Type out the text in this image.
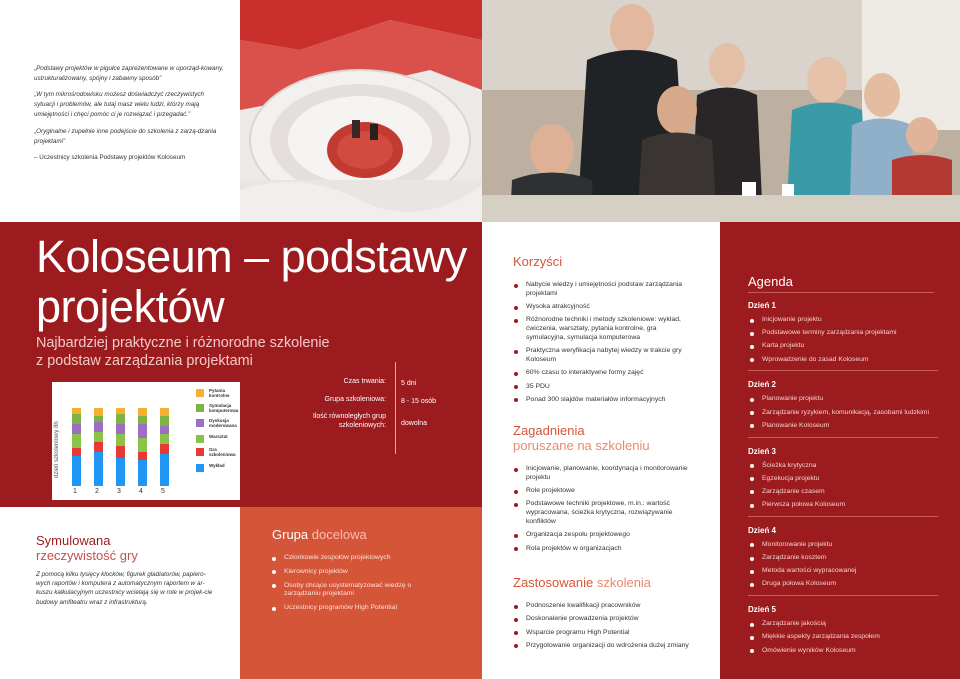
„Podstawy projektów w pigułce zaprezentowane w uporząd-kowany, ustrukturalizowany, spójny i zabawny sposób”
„W tym mikrośrodowisku możesz doświadczyć rzeczywistych sytuacji i problemów, ale tutaj masz wielu ludzi, którzy mają umiejętności i chęci pomóc ci je rozwiązać i przegadać.”
„Oryginalne i zupełnie inne podejście do szkolenia z zarzą-dzania projektami”
– Uczestnicy szkolenia Podstawy projektów Koloseum
Koloseum – podstawy projektów
Najbardziej praktyczne i różnorodne szkolenie z podstaw zarządzania projektami
dzień szkoleniowy 8h
1	2	3	4	5
Pytania kontrolne
Symulacja komputerowa
Dyskusja moderowana
Warsztat
Gra szkoleniowa
Wykład
Czas trwania: 5 dni
Grupa szkoleniowa: 8 - 15 osób
Ilość równoległych grup szkoleniowych: dowolna
Symulowana
rzeczywistość gry
Z pomocą kilku tysięcy klocków, figurek gladiatorów, papiero-wych raportów i komputera z automatycznym raportem w ar-kuszu kalkulacyjnym uczestnicy wcielają się w role w projek-cie budowy amfiteatru wraz z infrastrukturą.
Grupa docelowa
Członkowie zespołów projektowych
Kierownicy projektów
Osoby chcące usystematyzować wiedzę o zarządzaniu projektami
Uczestnicy programów High Potential
Korzyści
Nabycie wiedzy i umiejętności podstaw zarządzania projektami
Wysoka atrakcyjność
Różnorodne techniki i metody szkoleniowe: wykład, ćwiczenia, warsztaty, pytania kontrolne, gra symulacyjna, symulacja komputerowa
Praktyczna weryfikacja nabytej wiedzy w trakcie gry Koloseum
60% czasu to interaktywne formy zajęć
35 PDU
Ponad 300 slajdów materiałów informacyjnych
Zagadnienia
poruszane na szkoleniu
Inicjowanie, planowanie, koordynacja i monitorowanie projektu
Role projektowe
Podstawowe techniki projektowe, m.in.: wartość wypracowana, ścieżka krytyczna, rozwiązywanie konfliktów
Organizacja zespołu projektowego
Rola projektów w organizacjach
Zastosowanie szkolenia
Podnoszenie kwalifikacji pracowników
Doskonalenie prowadzenia projektów
Wsparcie programu High Potential
Przygotowanie organizacji do wdrożenia dużej zmiany
Agenda
Dzień 1
Inicjowanie projektu
Podstawowe terminy zarządzania projektami
Karta projektu
Wprowadzenie do zasad Koloseum
Dzień 2
Planowanie projektu
Zarządzanie ryzykiem, komunikacją, zasobami ludzkimi
Planowanie Koloseum
Dzień 3
Ścieżka krytyczna
Egzekucja projektu
Zarządzanie czasem
Pierwsza połowa Koloseum
Dzień 4
Monitorowanie projektu
Zarządzanie kosztem
Metoda wartości wypracowanej
Druga połowa Koloseum
Dzień 5
Zarządzanie jakością
Miękkie aspekty zarządzania zespołem
Omówienie wyników Koloseum
